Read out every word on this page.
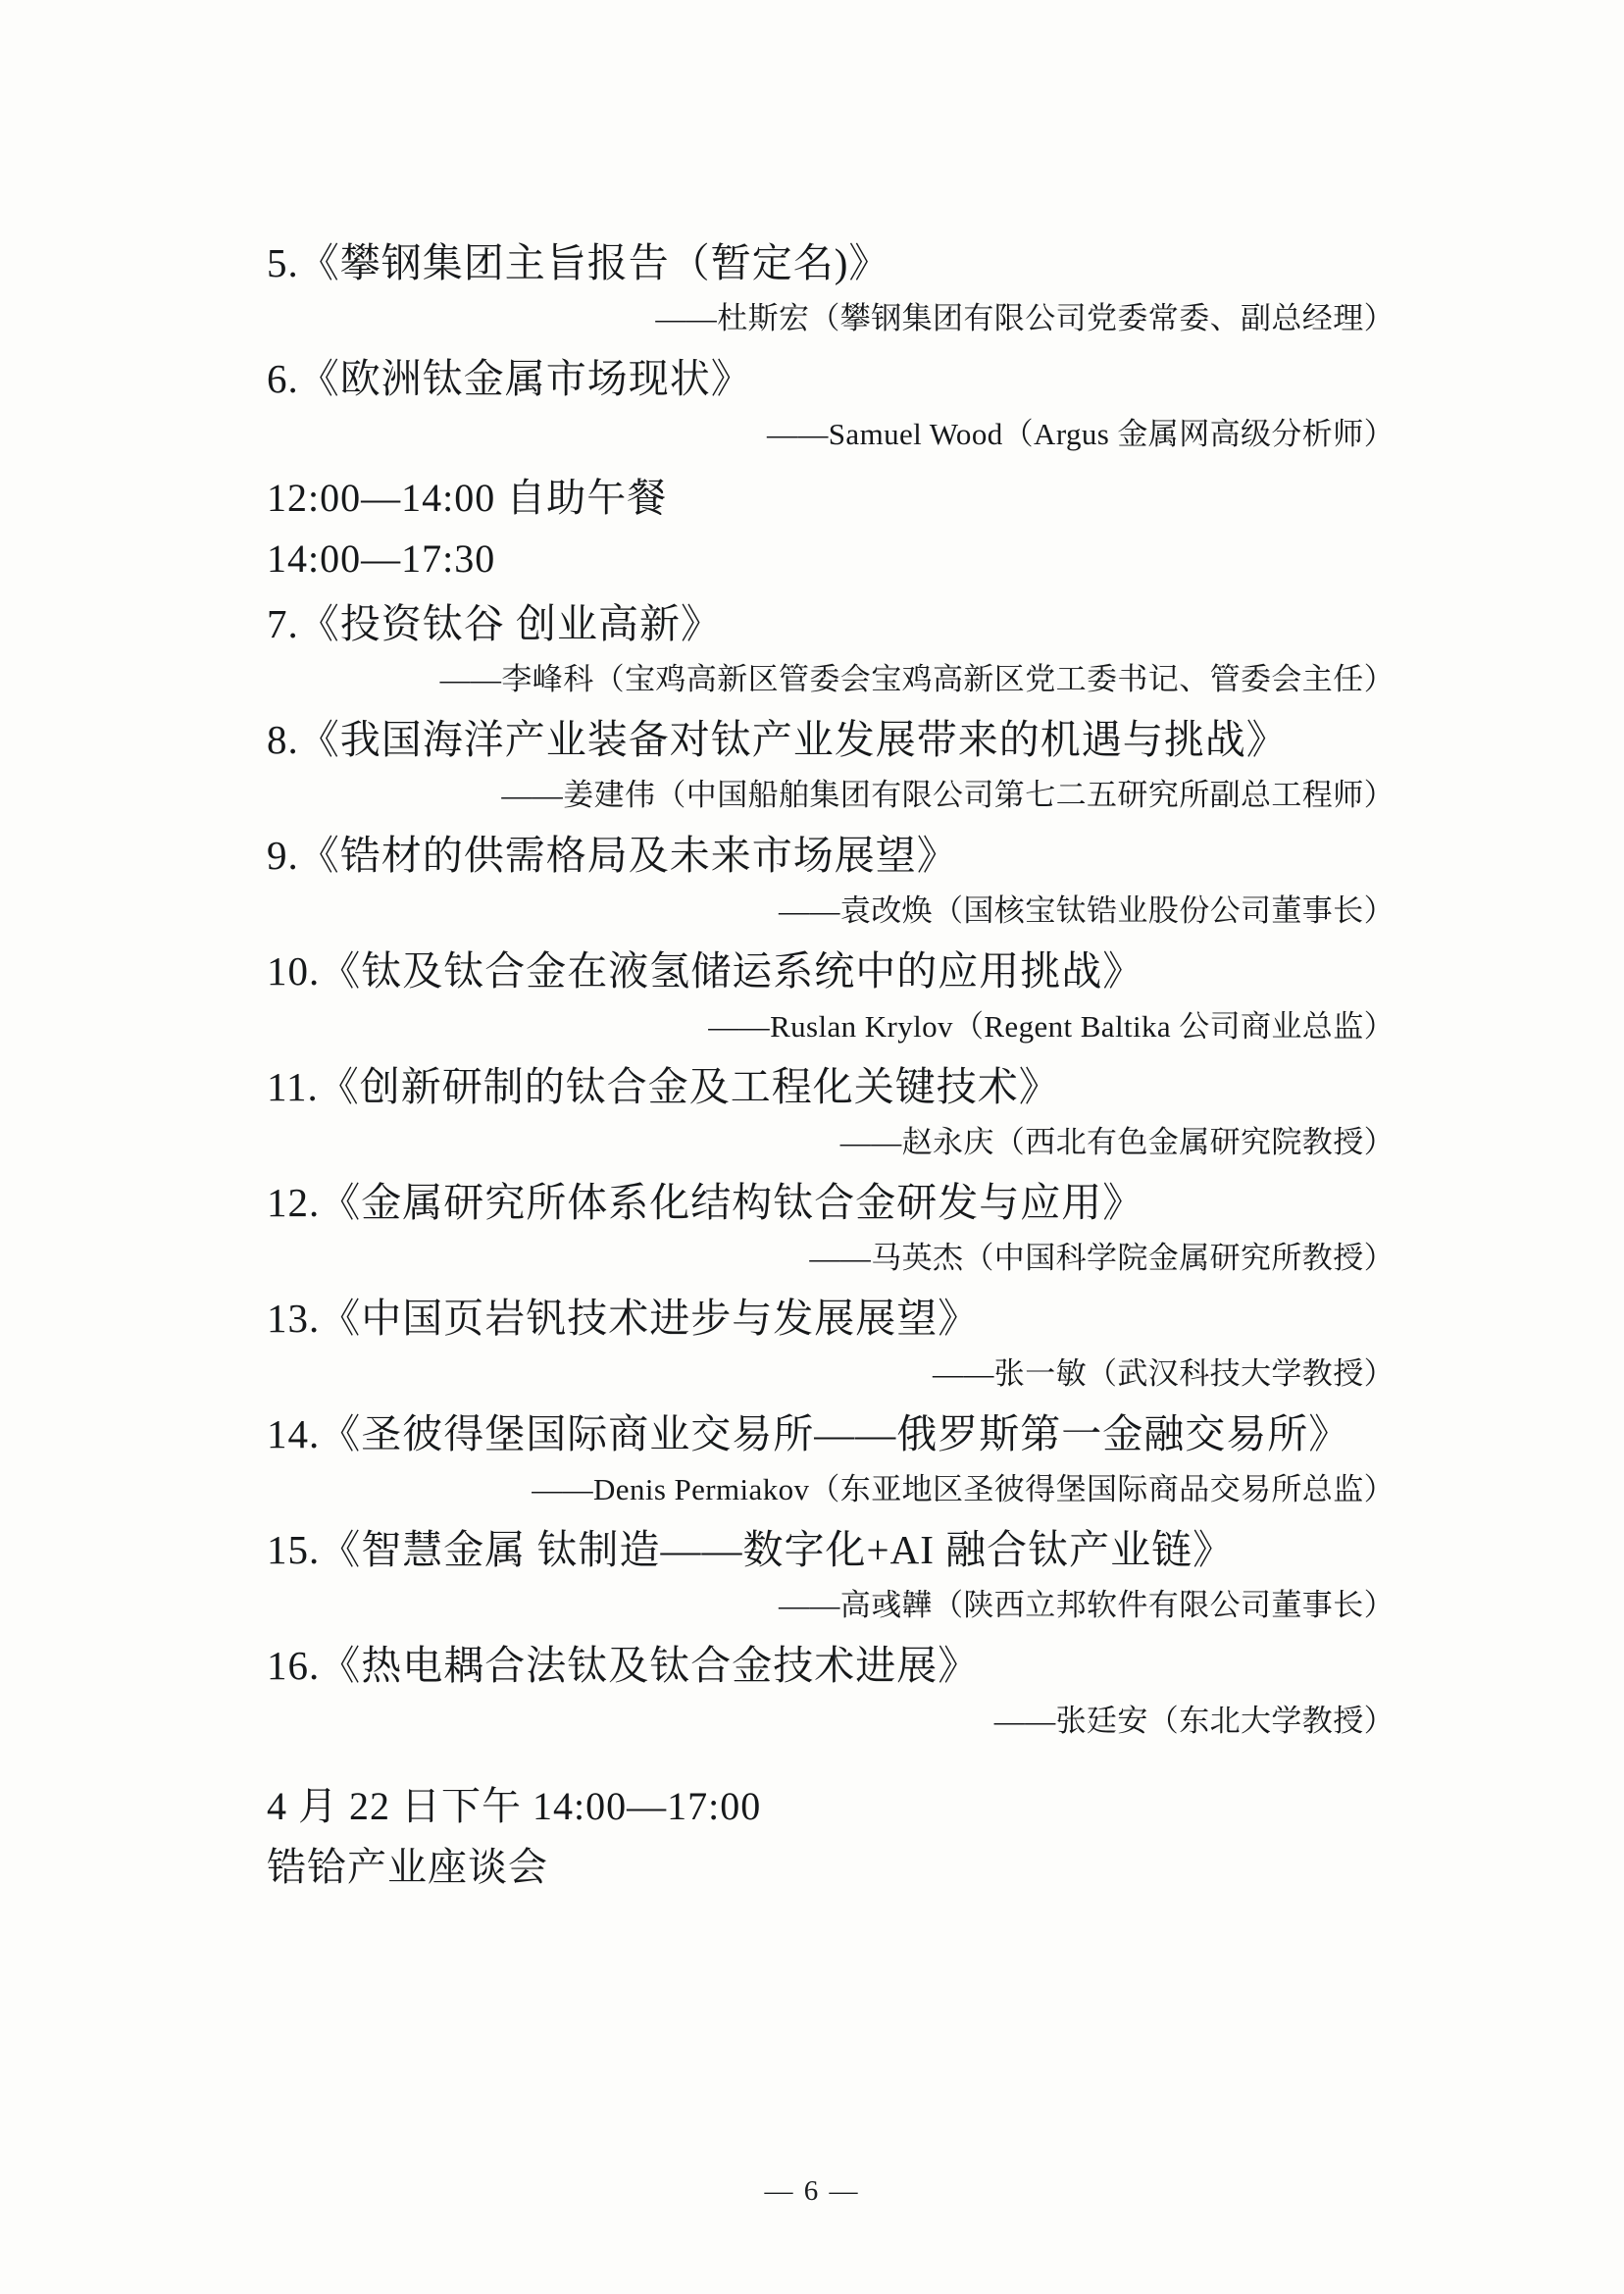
5.《攀钢集团主旨报告（暂定名)》
——杜斯宏（攀钢集团有限公司党委常委、副总经理）
6.《欧洲钛金属市场现状》
——Samuel Wood（Argus 金属网高级分析师）
12:00—14:00 自助午餐
14:00—17:30
7.《投资钛谷 创业高新》
——李峰科（宝鸡高新区管委会宝鸡高新区党工委书记、管委会主任）
8.《我国海洋产业装备对钛产业发展带来的机遇与挑战》
——姜建伟（中国船舶集团有限公司第七二五研究所副总工程师）
9.《锆材的供需格局及未来市场展望》
——袁改焕（国核宝钛锆业股份公司董事长）
10.《钛及钛合金在液氢储运系统中的应用挑战》
——Ruslan Krylov（Regent Baltika 公司商业总监）
11.《创新研制的钛合金及工程化关键技术》
——赵永庆（西北有色金属研究院教授）
12.《金属研究所体系化结构钛合金研发与应用》
——马英杰（中国科学院金属研究所教授）
13.《中国页岩钒技术进步与发展展望》
——张一敏（武汉科技大学教授）
14.《圣彼得堡国际商业交易所——俄罗斯第一金融交易所》
——Denis Permiakov（东亚地区圣彼得堡国际商品交易所总监）
15.《智慧金属 钛制造——数字化+AI 融合钛产业链》
——高彧韡（陕西立邦软件有限公司董事长）
16.《热电耦合法钛及钛合金技术进展》
——张廷安（东北大学教授）
4 月 22 日下午 14:00—17:00
锆铪产业座谈会
— 6 —
